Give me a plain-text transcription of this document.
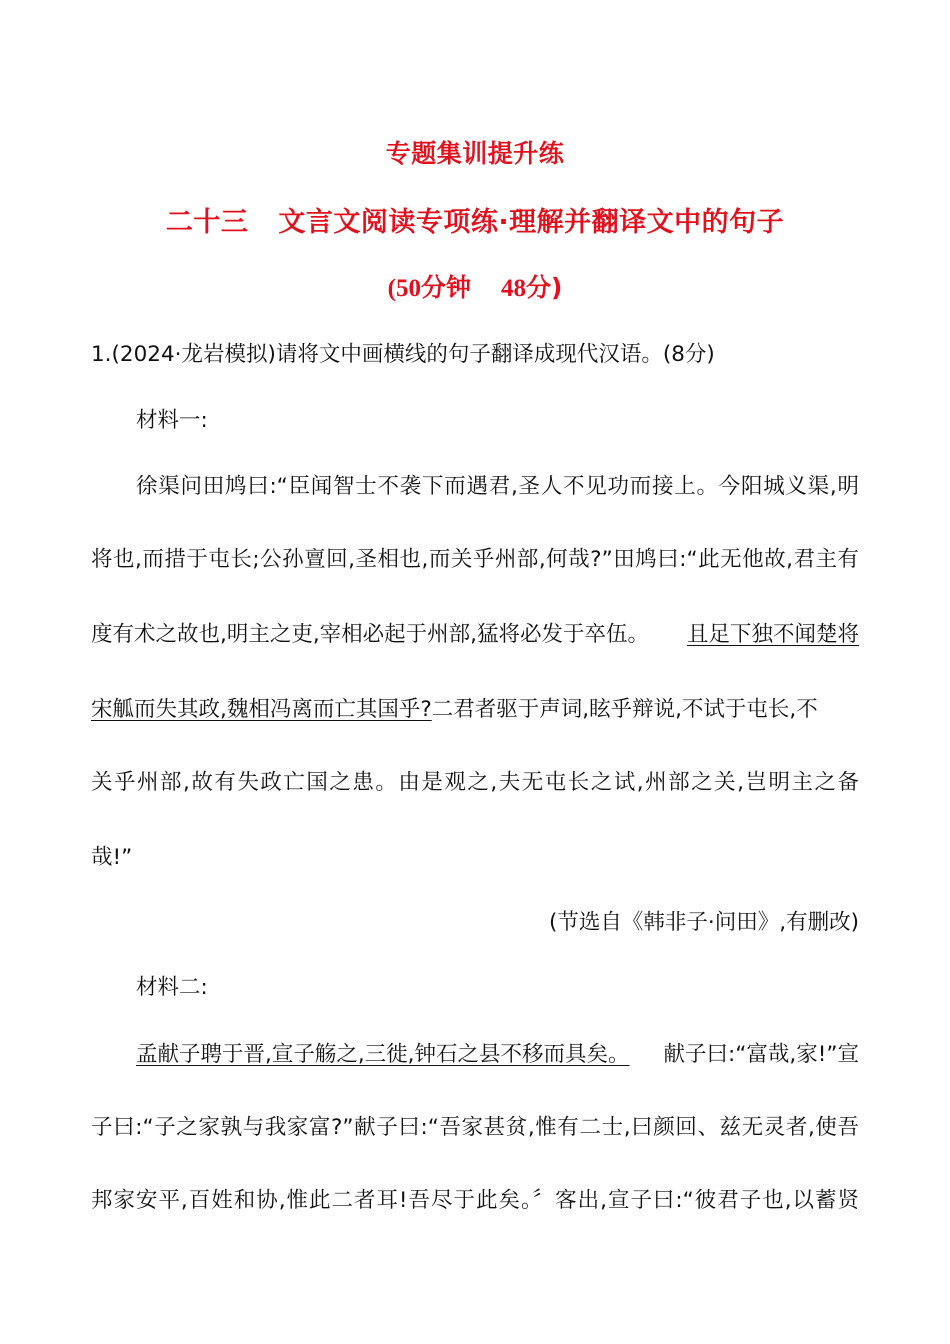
专题集训提升练
二十三 文言文阅读专项练·理解并翻译文中的句子
(50分钟 48分)
1.(2024·龙岩模拟)请将文中画横线的句子翻译成现代汉语。(8分)
材料一:
徐渠问田鸠曰:“臣闻智士不袭下而遇君,圣人不见功而接上。今阳城义渠,明
将也,而措于屯长;公孙亶回,圣相也,而关乎州部,何哉?”田鸠曰:“此无他故,君主有
度有术之故也,明主之吏,宰相必起于州部,猛将必发于卒伍。 且足下独不闻楚将
宋觚而失其政,魏相冯离而亡其国乎?二君者驱于声词,眩乎辩说,不试于屯长,不
关乎州部,故有失政亡国之患。由是观之,夫无屯长之试,州部之关,岂明主之备
哉!”
(节选自《韩非子·问田》,有删改)
材料二:
孟献子聘于晋,宣子觞之,三徙,钟石之县不移而具矣。 献子曰:“富哉,家!”宣
子曰:“子之家孰与我家富?”献子曰:“吾家甚贫,惟有二士,曰颜回、兹无灵者,使吾
邦家安平,百姓和协,惟此二者耳!吾尽于此矣。〞客出,宣子曰:“彼君子也,以蓄贤
